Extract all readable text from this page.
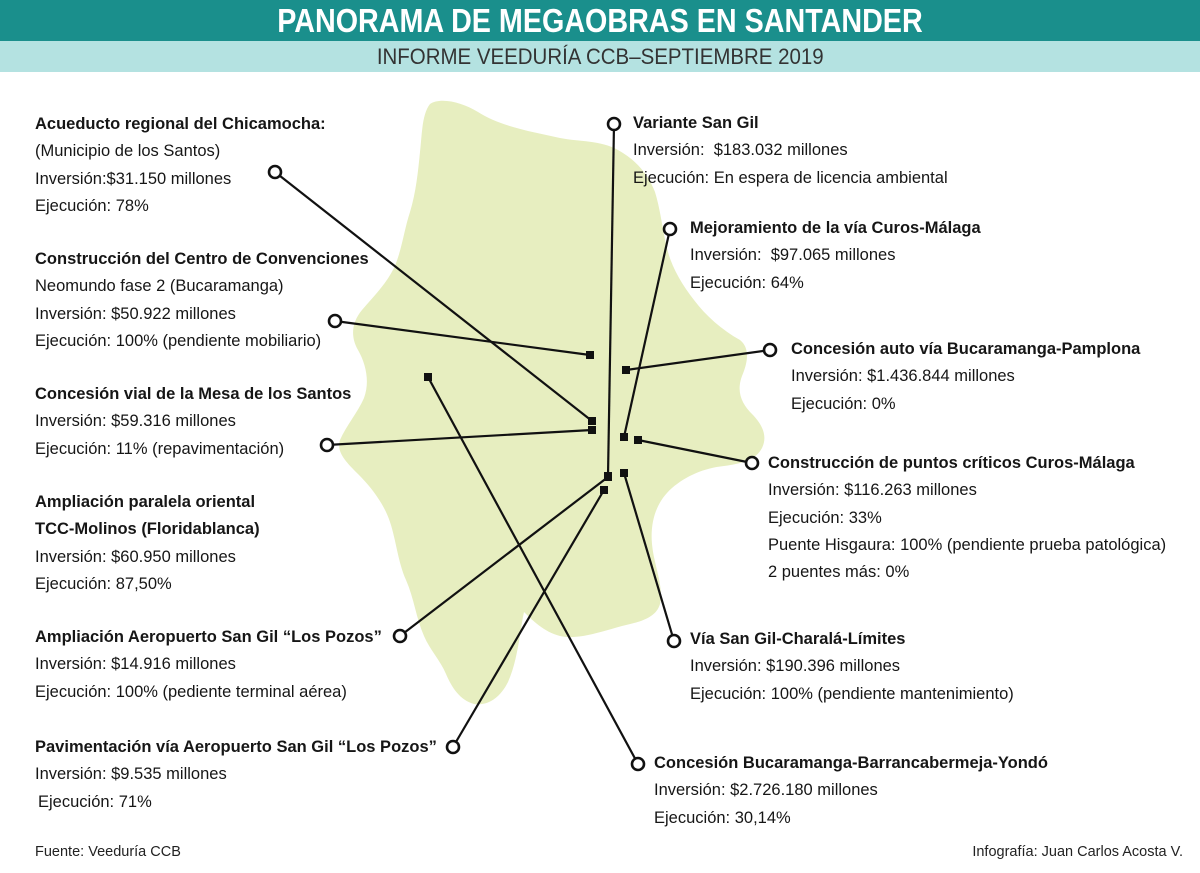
PANORAMA DE MEGAOBRAS EN SANTANDER
INFORME VEEDURÍA CCB–SEPTIEMBRE 2019
Acueducto regional del Chicamocha:
(Municipio de los Santos)
Inversión:$31.150 millones
Ejecución: 78%
Construcción del Centro de Convenciones
Neomundo fase 2 (Bucaramanga)
Inversión: $50.922 millones
Ejecución: 100% (pendiente mobiliario)
Concesión vial de la Mesa de los Santos
Inversión: $59.316 millones
Ejecución: 11% (repavimentación)
Ampliación paralela oriental
TCC-Molinos (Floridablanca)
Inversión: $60.950 millones
Ejecución: 87,50%
Ampliación Aeropuerto San Gil “Los Pozos”
Inversión: $14.916 millones
Ejecución: 100% (pediente terminal aérea)
Pavimentación vía Aeropuerto San Gil “Los Pozos”
Inversión: $9.535 millones
Ejecución: 71%
Variante San Gil
Inversión:  $183.032 millones
Ejecución: En espera de licencia ambiental
Mejoramiento de la vía Curos-Málaga
Inversión:  $97.065 millones
Ejecución: 64%
Concesión auto vía Bucaramanga-Pamplona
Inversión: $1.436.844 millones
Ejecución: 0%
Construcción de puntos críticos Curos-Málaga
Inversión: $116.263 millones
Ejecución: 33%
Puente Hisgaura: 100% (pendiente prueba patológica)
2 puentes más: 0%
Vía San Gil-Charalá-Límites
Inversión: $190.396 millones
Ejecución: 100% (pendiente mantenimiento)
Concesión Bucaramanga-Barrancabermeja-Yondó
Inversión: $2.726.180 millones
Ejecución: 30,14%
Fuente: Veeduría CCB	Infografía: Juan Carlos Acosta V.
